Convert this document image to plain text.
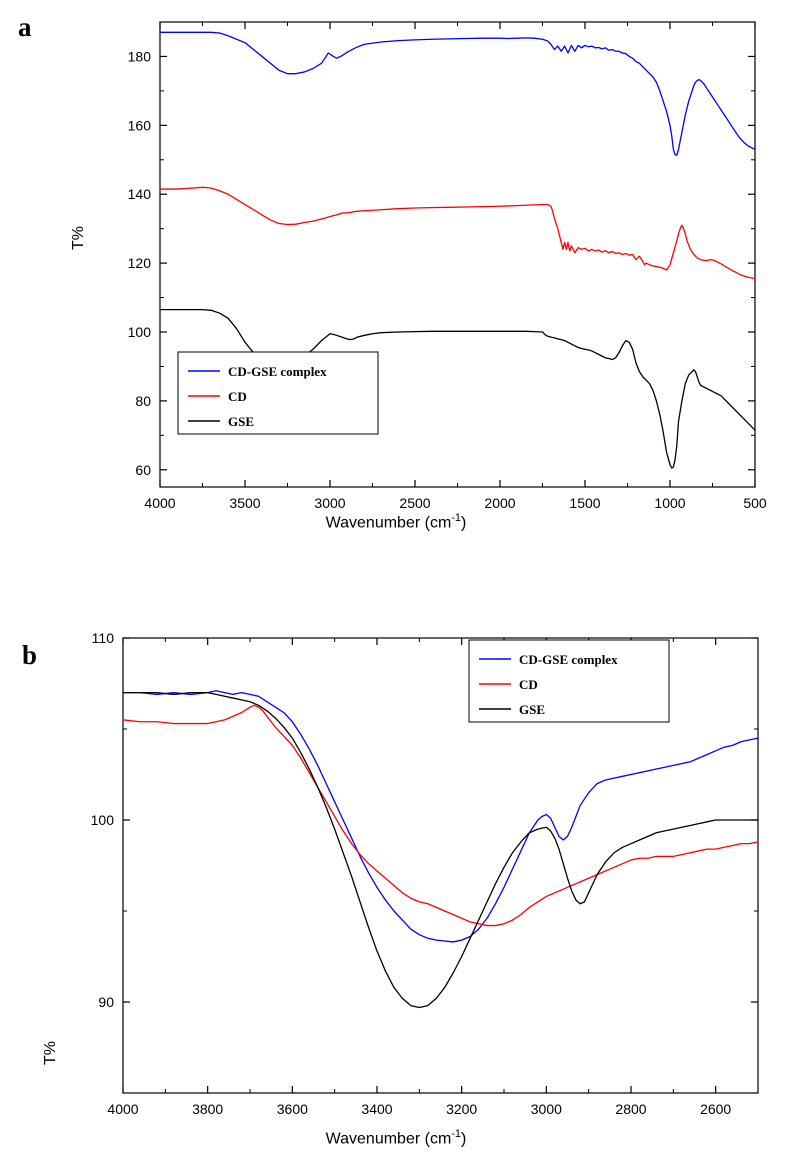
a
T%
Wavenumber $(cm^{-1})$
4000	3500	3000	2500	2000	1500	1000	500
60
80
100
120
140
160
180
CD-GSE complex
CD
GSE
b
T%
Wavenumber $(cm^{-1})$
4000	3800	3600	3400	3200	3000	2800	2600
90
100
110
CD-GSE complex
CD
GSE
